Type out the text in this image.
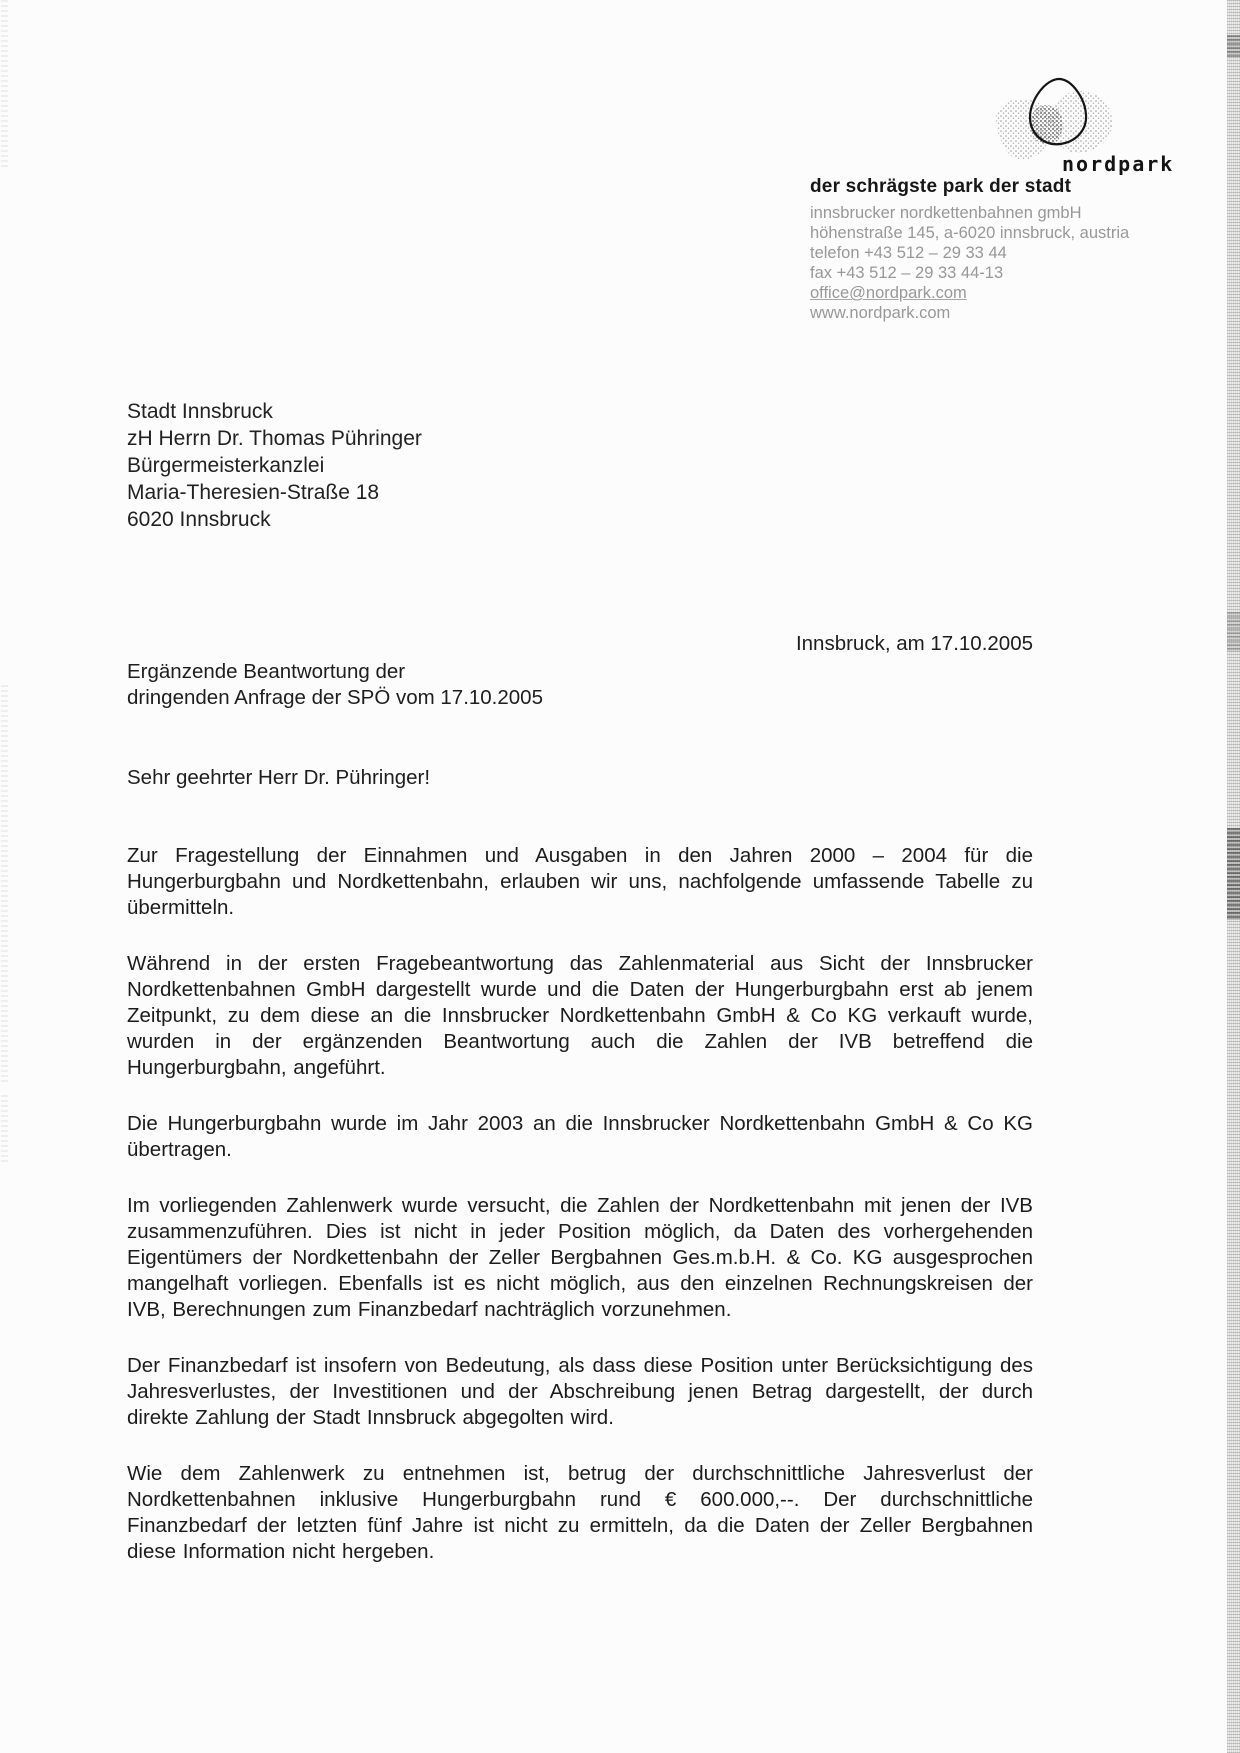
nordpark
der schrägste park der stadt
innsbrucker nordkettenbahnen gmbH
höhenstraße 145, a-6020 innsbruck, austria
telefon +43 512 – 29 33 44
fax +43 512 – 29 33 44-13
office@nordpark.com
www.nordpark.com
Stadt Innsbruck
zH Herrn Dr. Thomas Pühringer
Bürgermeisterkanzlei
Maria-Theresien-Straße 18
6020 Innsbruck
Innsbruck, am 17.10.2005
Ergänzende Beantwortung der
dringenden Anfrage der SPÖ vom 17.10.2005
Sehr geehrter Herr Dr. Pühringer!

Zur Fragestellung der Einnahmen und Ausgaben in den Jahren 2000 – 2004 für die Hungerburgbahn und Nordkettenbahn, erlauben wir uns, nachfolgende umfassende Tabelle zu übermitteln.

Während in der ersten Fragebeantwortung das Zahlenmaterial aus Sicht der Innsbrucker Nordkettenbahnen GmbH dargestellt wurde und die Daten der Hungerburgbahn erst ab jenem Zeitpunkt, zu dem diese an die Innsbrucker Nordkettenbahn GmbH & Co KG verkauft wurde, wurden in der ergänzenden Beantwortung auch die Zahlen der IVB betreffend die Hungerburgbahn, angeführt.

Die Hungerburgbahn wurde im Jahr 2003 an die Innsbrucker Nordkettenbahn GmbH & Co KG übertragen.

Im vorliegenden Zahlenwerk wurde versucht, die Zahlen der Nordkettenbahn mit jenen der IVB zusammenzuführen. Dies ist nicht in jeder Position möglich, da Daten des vorhergehenden Eigentümers der Nordkettenbahn der Zeller Bergbahnen Ges.m.b.H. & Co. KG ausgesprochen mangelhaft vorliegen. Ebenfalls ist es nicht möglich, aus den einzelnen Rechnungskreisen der IVB, Berechnungen zum Finanzbedarf nachträglich vorzunehmen.

Der Finanzbedarf ist insofern von Bedeutung, als dass diese Position unter Berücksichtigung des Jahresverlustes, der Investitionen und der Abschreibung jenen Betrag dargestellt, der durch direkte Zahlung der Stadt Innsbruck abgegolten wird.

Wie dem Zahlenwerk zu entnehmen ist, betrug der durchschnittliche Jahresverlust der Nordkettenbahnen inklusive Hungerburgbahn rund € 600.000,--. Der durchschnittliche Finanzbedarf der letzten fünf Jahre ist nicht zu ermitteln, da die Daten der Zeller Bergbahnen diese Information nicht hergeben.
